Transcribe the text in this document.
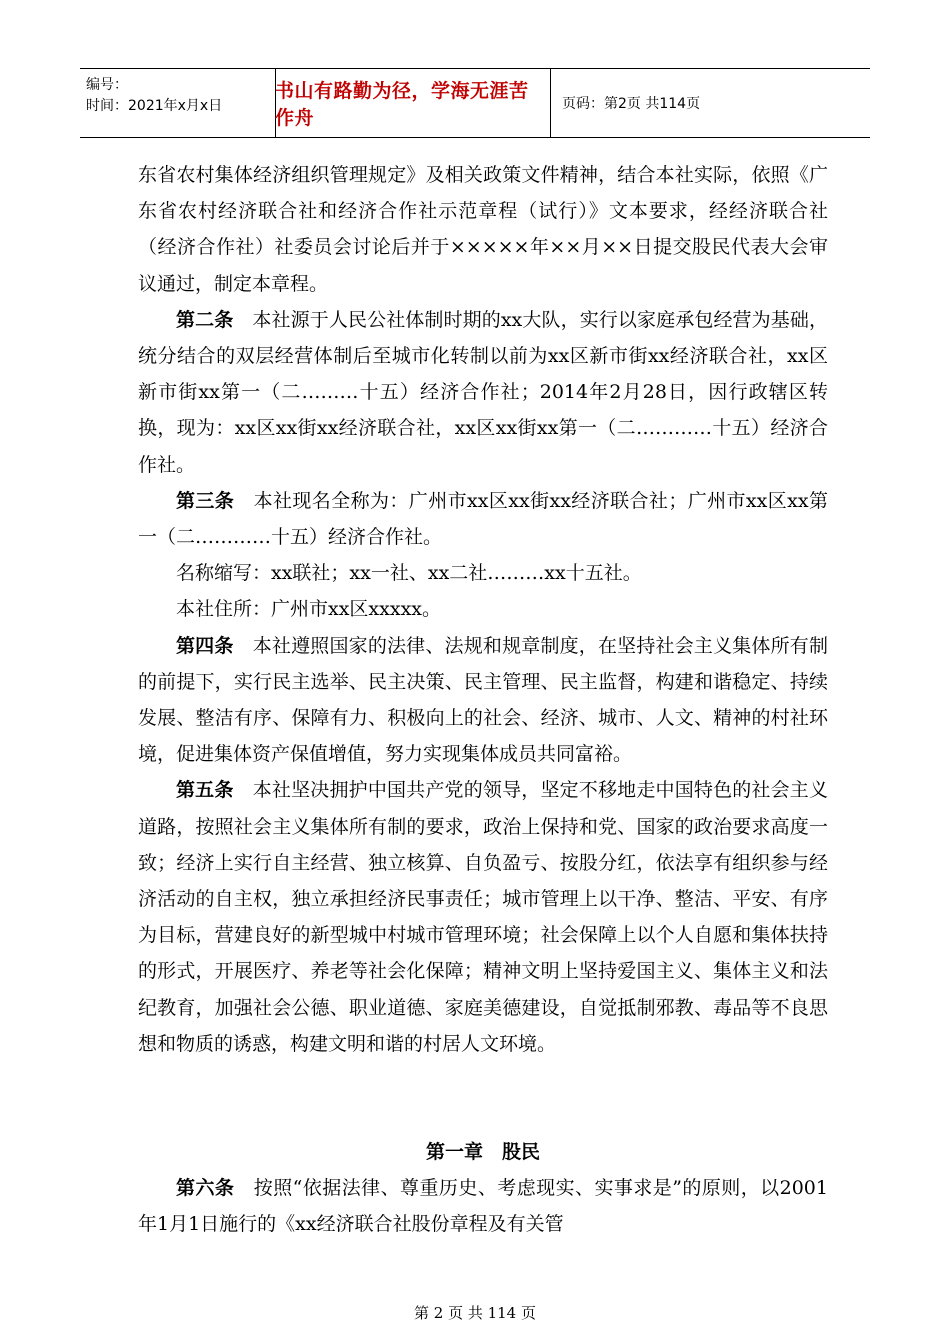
编号：
时间：2021年x月x日
书山有路勤为径，学海无涯苦作舟
页码：第2页 共114页

东省农村集体经济组织管理规定》及相关政策文件精神，结合本社实际，依照《广东省农村经济联合社和经济合作社示范章程（试行）》文本要求，经经济联合社（经济合作社）社委员会讨论后并于×××××年××月××日提交股民代表大会审议通过，制定本章程。

第二条　本社源于人民公社体制时期的xx大队，实行以家庭承包经营为基础，统分结合的双层经营体制后至城市化转制以前为xx区新市街xx经济联合社，xx区新市街xx第一（二………十五）经济合作社；2014年2月28日，因行政辖区转换，现为：xx区xx街xx经济联合社，xx区xx街xx第一（二…………十五）经济合作社。

第三条　本社现名全称为：广州市xx区xx街xx经济联合社；广州市xx区xx第一（二…………十五）经济合作社。

名称缩写：xx联社；xx一社、xx二社………xx十五社。

本社住所：广州市xx区xxxxx。

第四条　本社遵照国家的法律、法规和规章制度，在坚持社会主义集体所有制的前提下，实行民主选举、民主决策、民主管理、民主监督，构建和谐稳定、持续发展、整洁有序、保障有力、积极向上的社会、经济、城市、人文、精神的村社环境，促进集体资产保值增值，努力实现集体成员共同富裕。

第五条　本社坚决拥护中国共产党的领导，坚定不移地走中国特色的社会主义道路，按照社会主义集体所有制的要求，政治上保持和党、国家的政治要求高度一致；经济上实行自主经营、独立核算、自负盈亏、按股分红，依法享有组织参与经济活动的自主权，独立承担经济民事责任；城市管理上以干净、整洁、平安、有序为目标，营建良好的新型城中村城市管理环境；社会保障上以个人自愿和集体扶持的形式，开展医疗、养老等社会化保障；精神文明上坚持爱国主义、集体主义和法纪教育，加强社会公德、职业道德、家庭美德建设，自觉抵制邪教、毒品等不良思想和物质的诱惑，构建文明和谐的村居人文环境。

第一章　股民

第六条　按照“依据法律、尊重历史、考虑现实、实事求是”的原则，以2001年1月1日施行的《xx经济联合社股份章程及有关管

第 2 页 共 114 页
